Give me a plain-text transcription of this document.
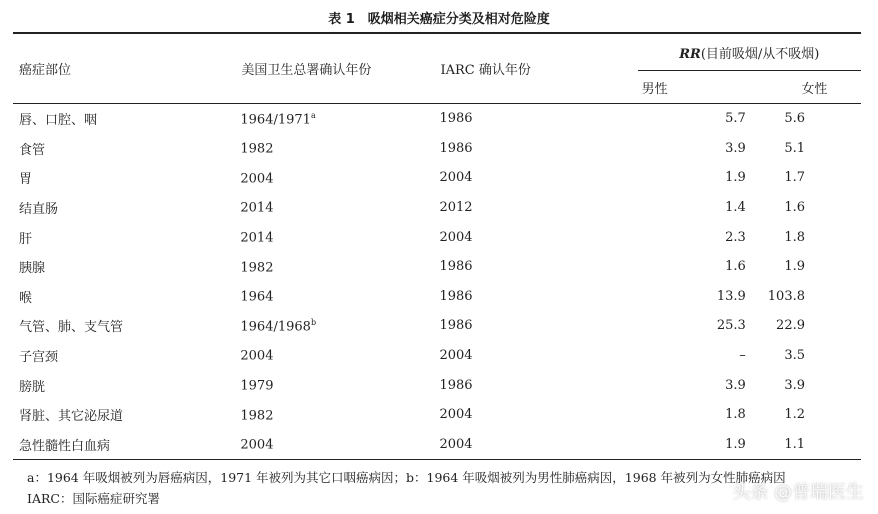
表 1　吸烟相关癌症分类及相对危险度
癌症部位	美国卫生总署确认年份	IARC 确认年份	RR(目前吸烟/从不吸烟)	
			男性	女性
唇、口腔、咽	1964/1971$^a$	1986	5.7	5.6
食管	1982	1986	3.9	5.1
胃	2004	2004	1.9	1.7
结直肠	2014	2012	1.4	1.6
肝	2014	2004	2.3	1.8
胰腺	1982	1986	1.6	1.9
喉	1964	1986	13.9	103.8
气管、肺、支气管	1964/1968$^b$	1986	25.3	22.9
子宫颈	2004	2004	–	3.5
膀胱	1979	1986	3.9	3.9
肾脏、其它泌尿道	1982	2004	1.8	1.2
急性髓性白血病	2004	2004	1.9	1.1
a：1964 年吸烟被列为唇癌病因，1971 年被列为其它口咽癌病因；b：1964 年吸烟被列为男性肺癌病因，1968 年被列为女性肺癌病因
IARC：国际癌症研究署	头条 @普瑞医生
